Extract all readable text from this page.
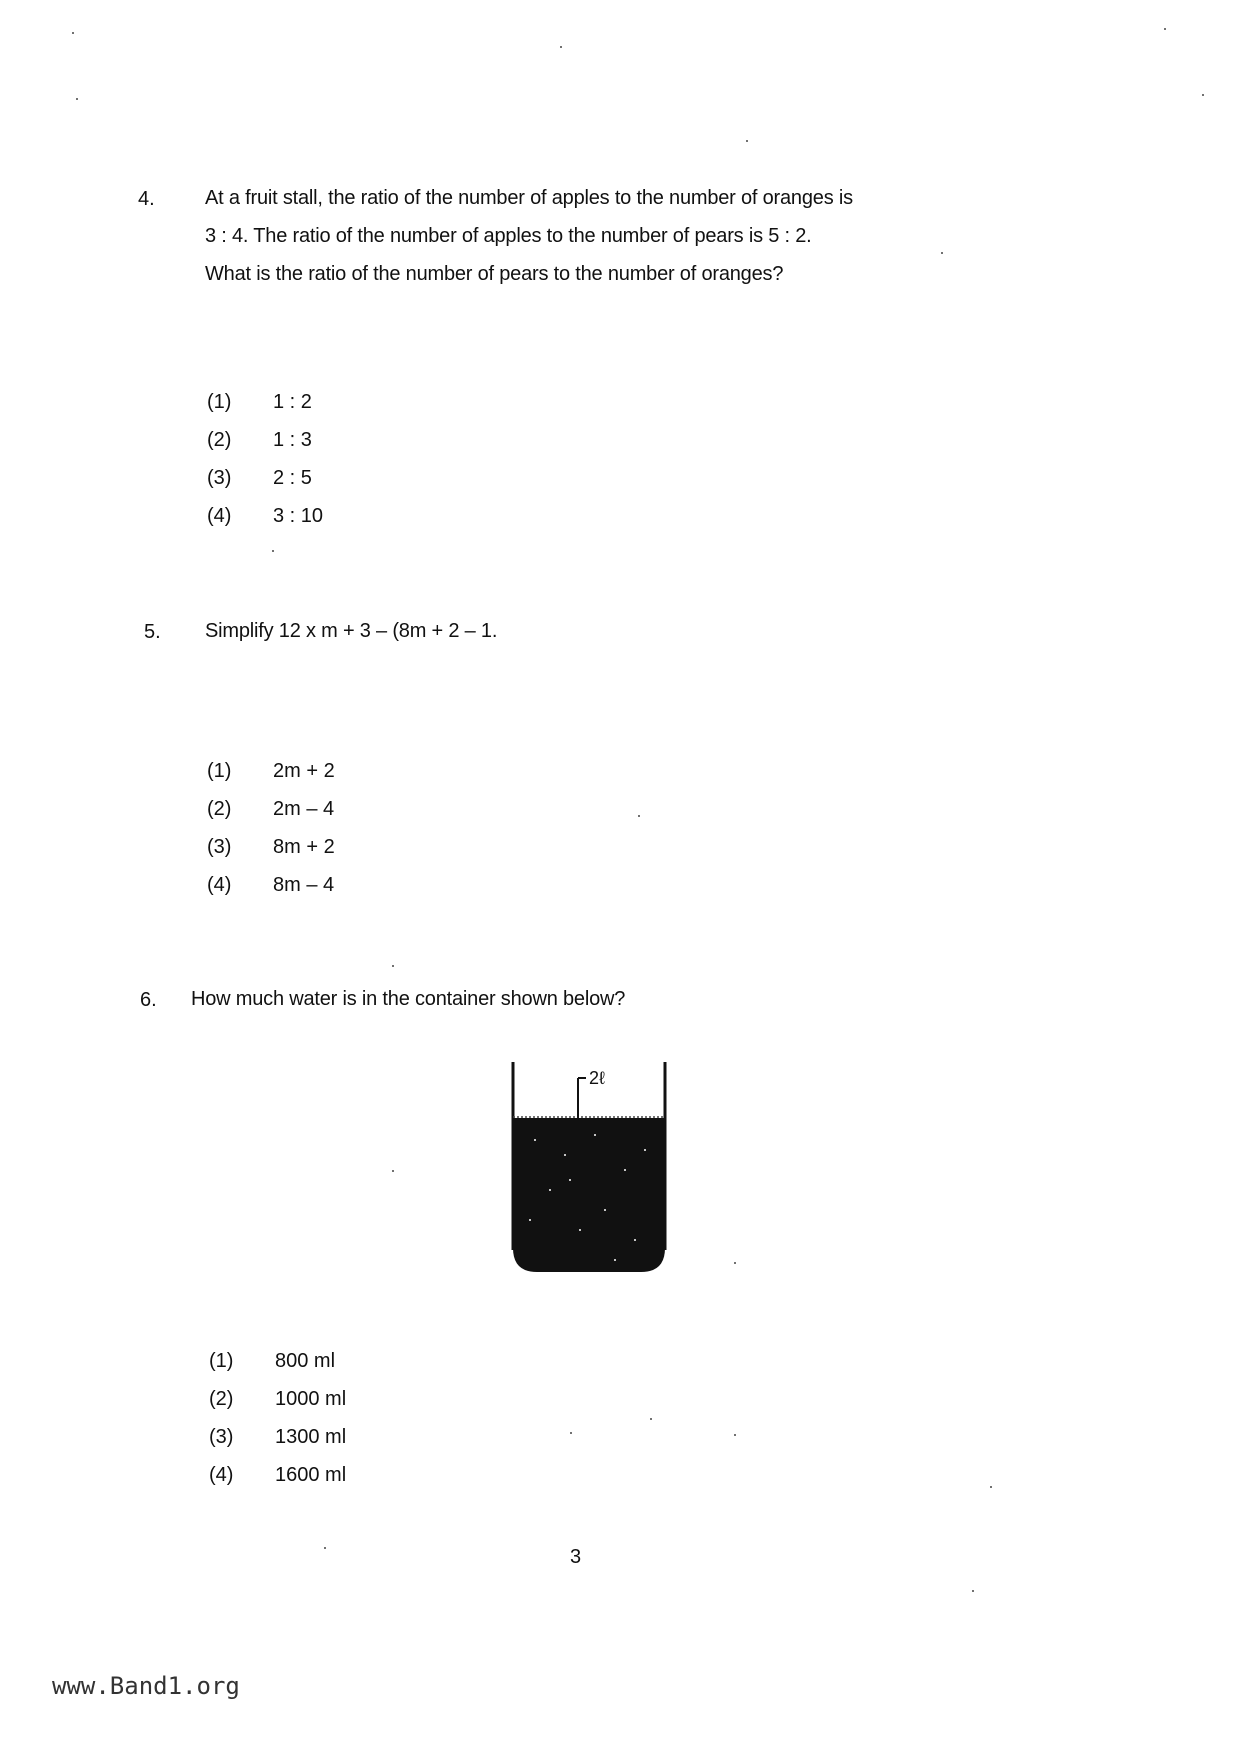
4.	At a fruit stall, the ratio of the number of apples to the number of oranges is
3 : 4. The ratio of the number of apples to the number of pears is 5 : 2.
What is the ratio of the number of pears to the number of oranges?
(1)	1 : 2
(2)	1 : 3
(3)	2 : 5
(4)	3 : 10
5. Simplify 12 x m + 3 – (8m + 2 – 1.
(1)	2m + 2
(2)	2m – 4
(3)	8m + 2
(4)	8m – 4
6. How much water is in the container shown below?
2ℓ
(1)	800 ml
(2)	1000 ml
(3)	1300 ml
(4)	1600 ml
3
www.Band1.org
